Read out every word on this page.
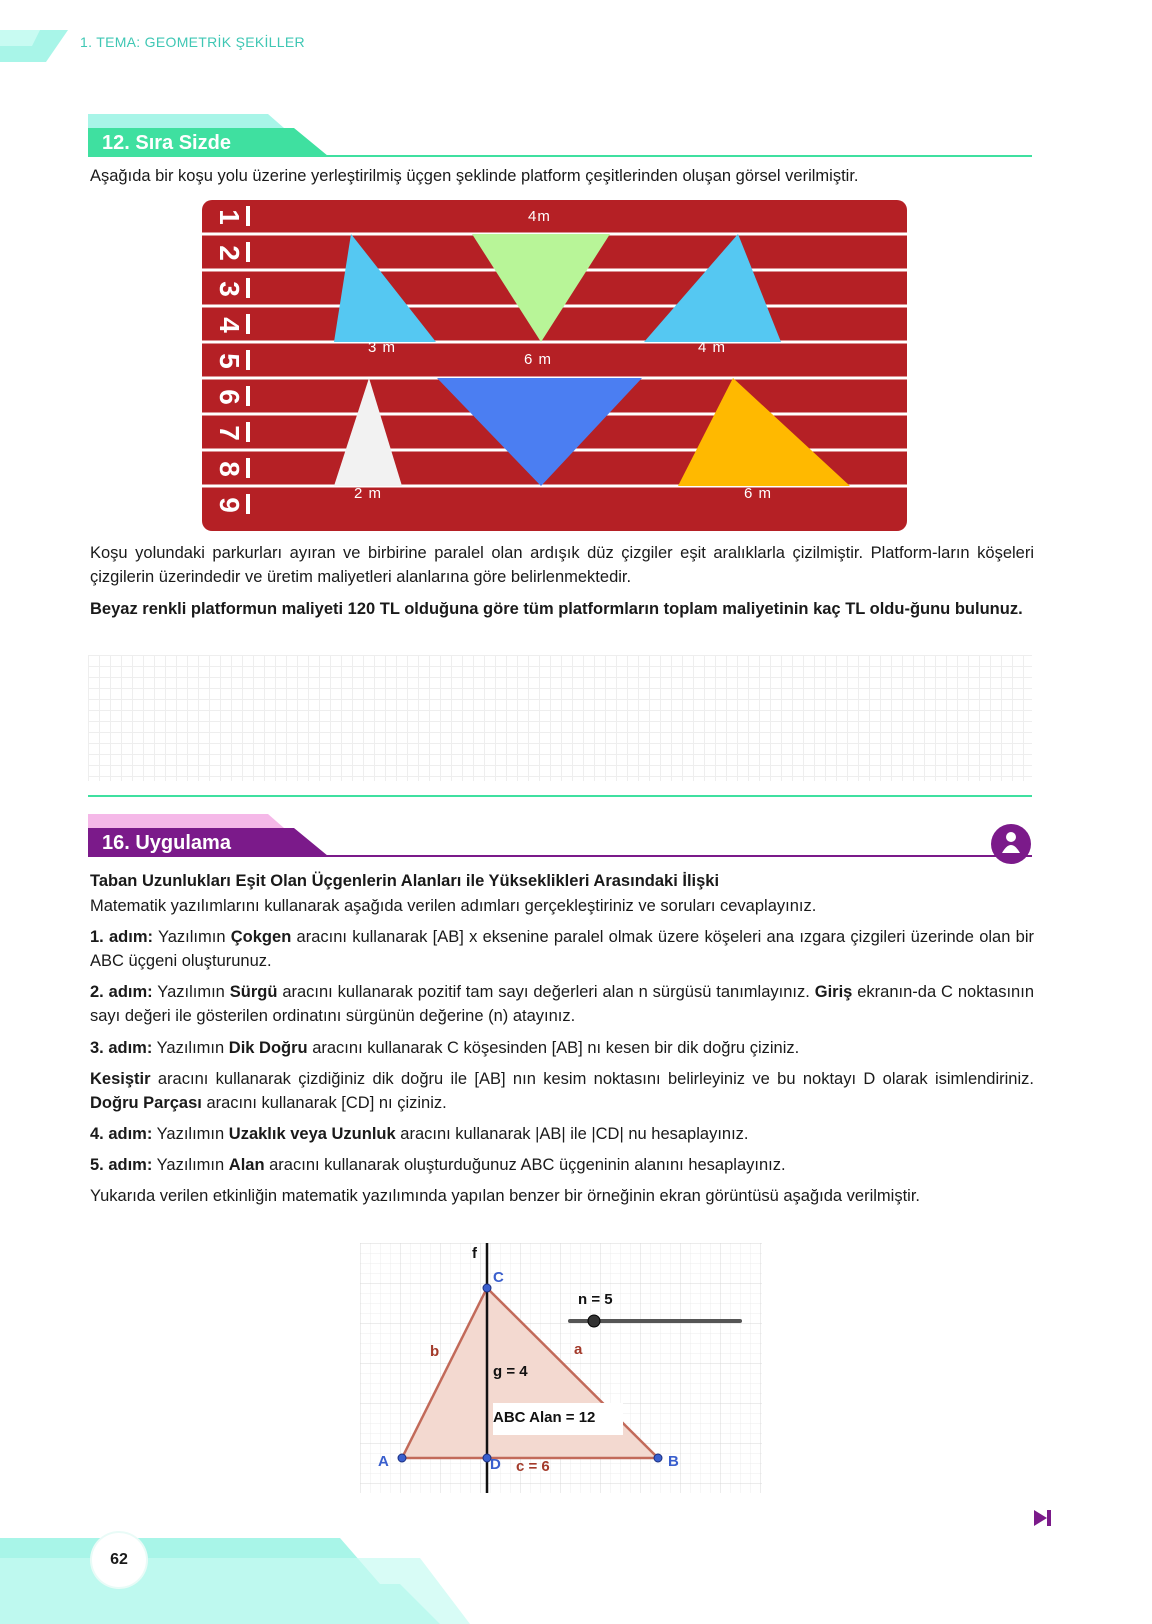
1. TEMA: GEOMETRİK ŞEKİLLER
12. Sıra Sizde

Aşağıda bir koşu yolu üzerine yerleştirilmiş üçgen şeklinde platform çeşitlerinden oluşan görsel verilmiştir.

1
2
3
4
5
6
7
8
9
4m
3 m
6 m
4 m
2 m	6 m

Koşu yolundaki parkurları ayıran ve birbirine paralel olan ardışık düz çizgiler eşit aralıklarla çizilmiştir. Platform-ların köşeleri çizgilerin üzerindedir ve üretim maliyetleri alanlarına göre belirlenmektedir.

Beyaz renkli platformun maliyeti 120 TL olduğuna göre tüm platformların toplam maliyetinin kaç TL oldu-ğunu bulunuz.

16. Uygulama

Taban Uzunlukları Eşit Olan Üçgenlerin Alanları ile Yükseklikleri Arasındaki İlişki

Matematik yazılımlarını kullanarak aşağıda verilen adımları gerçekleştiriniz ve soruları cevaplayınız.

1. adım: Yazılımın Çokgen aracını kullanarak [AB] x eksenine paralel olmak üzere köşeleri ana ızgara çizgileri üzerinde olan bir ABC üçgeni oluşturunuz.

2. adım: Yazılımın Sürgü aracını kullanarak pozitif tam sayı değerleri alan n sürgüsü tanımlayınız. Giriş ekranın-da C noktasının sayı değeri ile gösterilen ordinatını sürgünün değerine (n) atayınız.

3. adım: Yazılımın Dik Doğru aracını kullanarak C köşesinden [AB] nı kesen bir dik doğru çiziniz.

Kesiştir aracını kullanarak çizdiğiniz dik doğru ile [AB] nın kesim noktasını belirleyiniz ve bu noktayı D olarak isimlendiriniz. Doğru Parçası aracını kullanarak [CD] nı çiziniz.

4. adım: Yazılımın Uzaklık veya Uzunluk aracını kullanarak |AB| ile |CD| nu hesaplayınız.

5. adım: Yazılımın Alan aracını kullanarak oluşturduğunuz ABC üçgeninin alanını hesaplayınız.

Yukarıda verilen etkinliğin matematik yazılımında yapılan benzer bir örneğinin ekran görüntüsü aşağıda verilmiştir.

f
C
n = 5
b	a
g = 4
ABC Alan = 12
A	D c = 6	B
62
